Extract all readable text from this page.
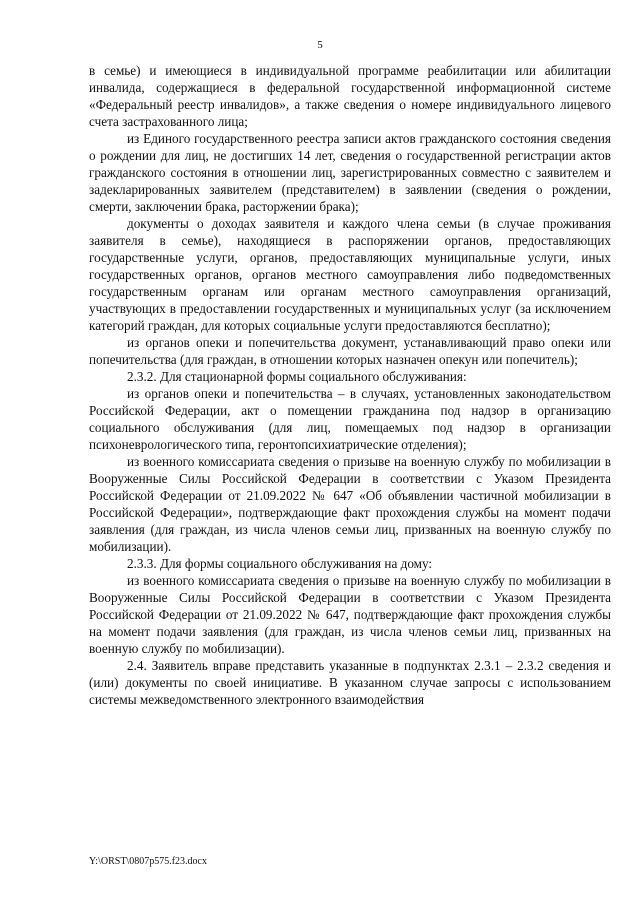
5

в семье) и имеющиеся в индивидуальной программе реабилитации или абилитации инвалида, содержащиеся в федеральной государственной информационной системе «Федеральный реестр инвалидов», а также сведения о номере индивидуального лицевого счета застрахованного лица;

из Единого государственного реестра записи актов гражданского состояния сведения о рождении для лиц, не достигших 14 лет, сведения о государственной регистрации актов гражданского состояния в отношении лиц, зарегистрированных совместно с заявителем и задекларированных заявителем (представителем) в заявлении (сведения о рождении, смерти, заключении брака, расторжении брака);

документы о доходах заявителя и каждого члена семьи (в случае проживания заявителя в семье), находящиеся в распоряжении органов, предоставляющих государственные услуги, органов, предоставляющих муниципальные услуги, иных государственных органов, органов местного самоуправления либо подведомственных государственным органам или органам местного самоуправления организаций, участвующих в предоставлении государственных и муниципальных услуг (за исключением категорий граждан, для которых социальные услуги предоставляются бесплатно);

из органов опеки и попечительства документ, устанавливающий право опеки или попечительства (для граждан, в отношении которых назначен опекун или попечитель);

2.3.2. Для стационарной формы социального обслуживания:

из органов опеки и попечительства – в случаях, установленных законодательством Российской Федерации, акт о помещении гражданина под надзор в организацию социального обслуживания (для лиц, помещаемых под надзор в организации психоневрологического типа, геронтопсихиатрические отделения);

из военного комиссариата сведения о призыве на военную службу по мобилизации в Вооруженные Силы Российской Федерации в соответствии с Указом Президента Российской Федерации от 21.09.2022 № 647 «Об объявлении частичной мобилизации в Российской Федерации», подтверждающие факт прохождения службы на момент подачи заявления (для граждан, из числа членов семьи лиц, призванных на военную службу по мобилизации).

2.3.3. Для формы социального обслуживания на дому:

из военного комиссариата сведения о призыве на военную службу по мобилизации в Вооруженные Силы Российской Федерации в соответствии с Указом Президента Российской Федерации от 21.09.2022 № 647, подтверждающие факт прохождения службы на момент подачи заявления (для граждан, из числа членов семьи лиц, призванных на военную службу по мобилизации).

2.4. Заявитель вправе представить указанные в подпунктах 2.3.1 – 2.3.2 сведения и (или) документы по своей инициативе. В указанном случае запросы с использованием системы межведомственного электронного взаимодействия

Y:\ORST\0807p575.f23.docx
